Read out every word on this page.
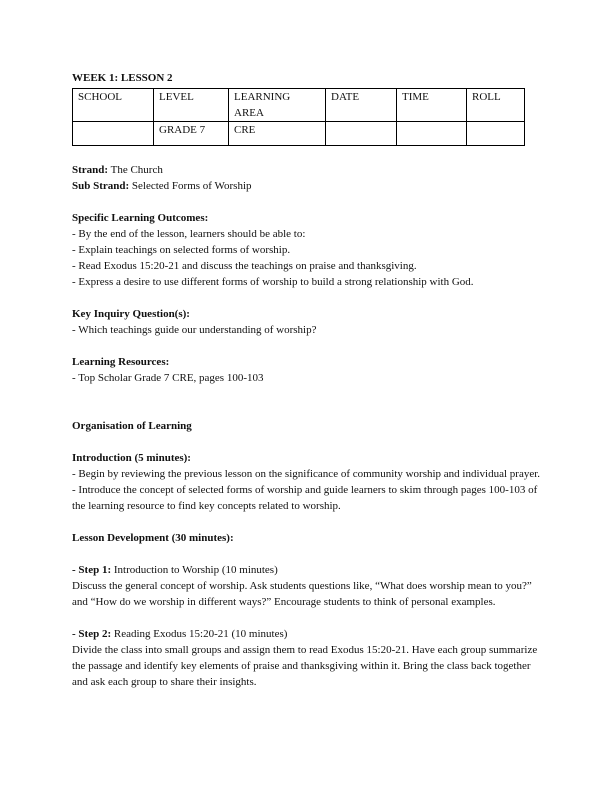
WEEK 1: LESSON 2
SCHOOL	LEVEL	LEARNING AREA	DATE	TIME	ROLL
	GRADE 7	CRE			
Strand: The Church
Sub Strand: Selected Forms of Worship
Specific Learning Outcomes:
- By the end of the lesson, learners should be able to:
- Explain teachings on selected forms of worship.
- Read Exodus 15:20-21 and discuss the teachings on praise and thanksgiving.
- Express a desire to use different forms of worship to build a strong relationship with God.
Key Inquiry Question(s):
- Which teachings guide our understanding of worship?
Learning Resources:
- Top Scholar Grade 7 CRE, pages 100-103
Organisation of Learning
Introduction (5 minutes):
- Begin by reviewing the previous lesson on the significance of community worship and individual prayer.
- Introduce the concept of selected forms of worship and guide learners to skim through pages 100-103 of the learning resource to find key concepts related to worship.
Lesson Development (30 minutes):
- Step 1: Introduction to Worship (10 minutes)
Discuss the general concept of worship. Ask students questions like, “What does worship mean to you?” and “How do we worship in different ways?” Encourage students to think of personal examples.
- Step 2: Reading Exodus 15:20-21 (10 minutes)
Divide the class into small groups and assign them to read Exodus 15:20-21. Have each group summarize the passage and identify key elements of praise and thanksgiving within it. Bring the class back together and ask each group to share their insights.
